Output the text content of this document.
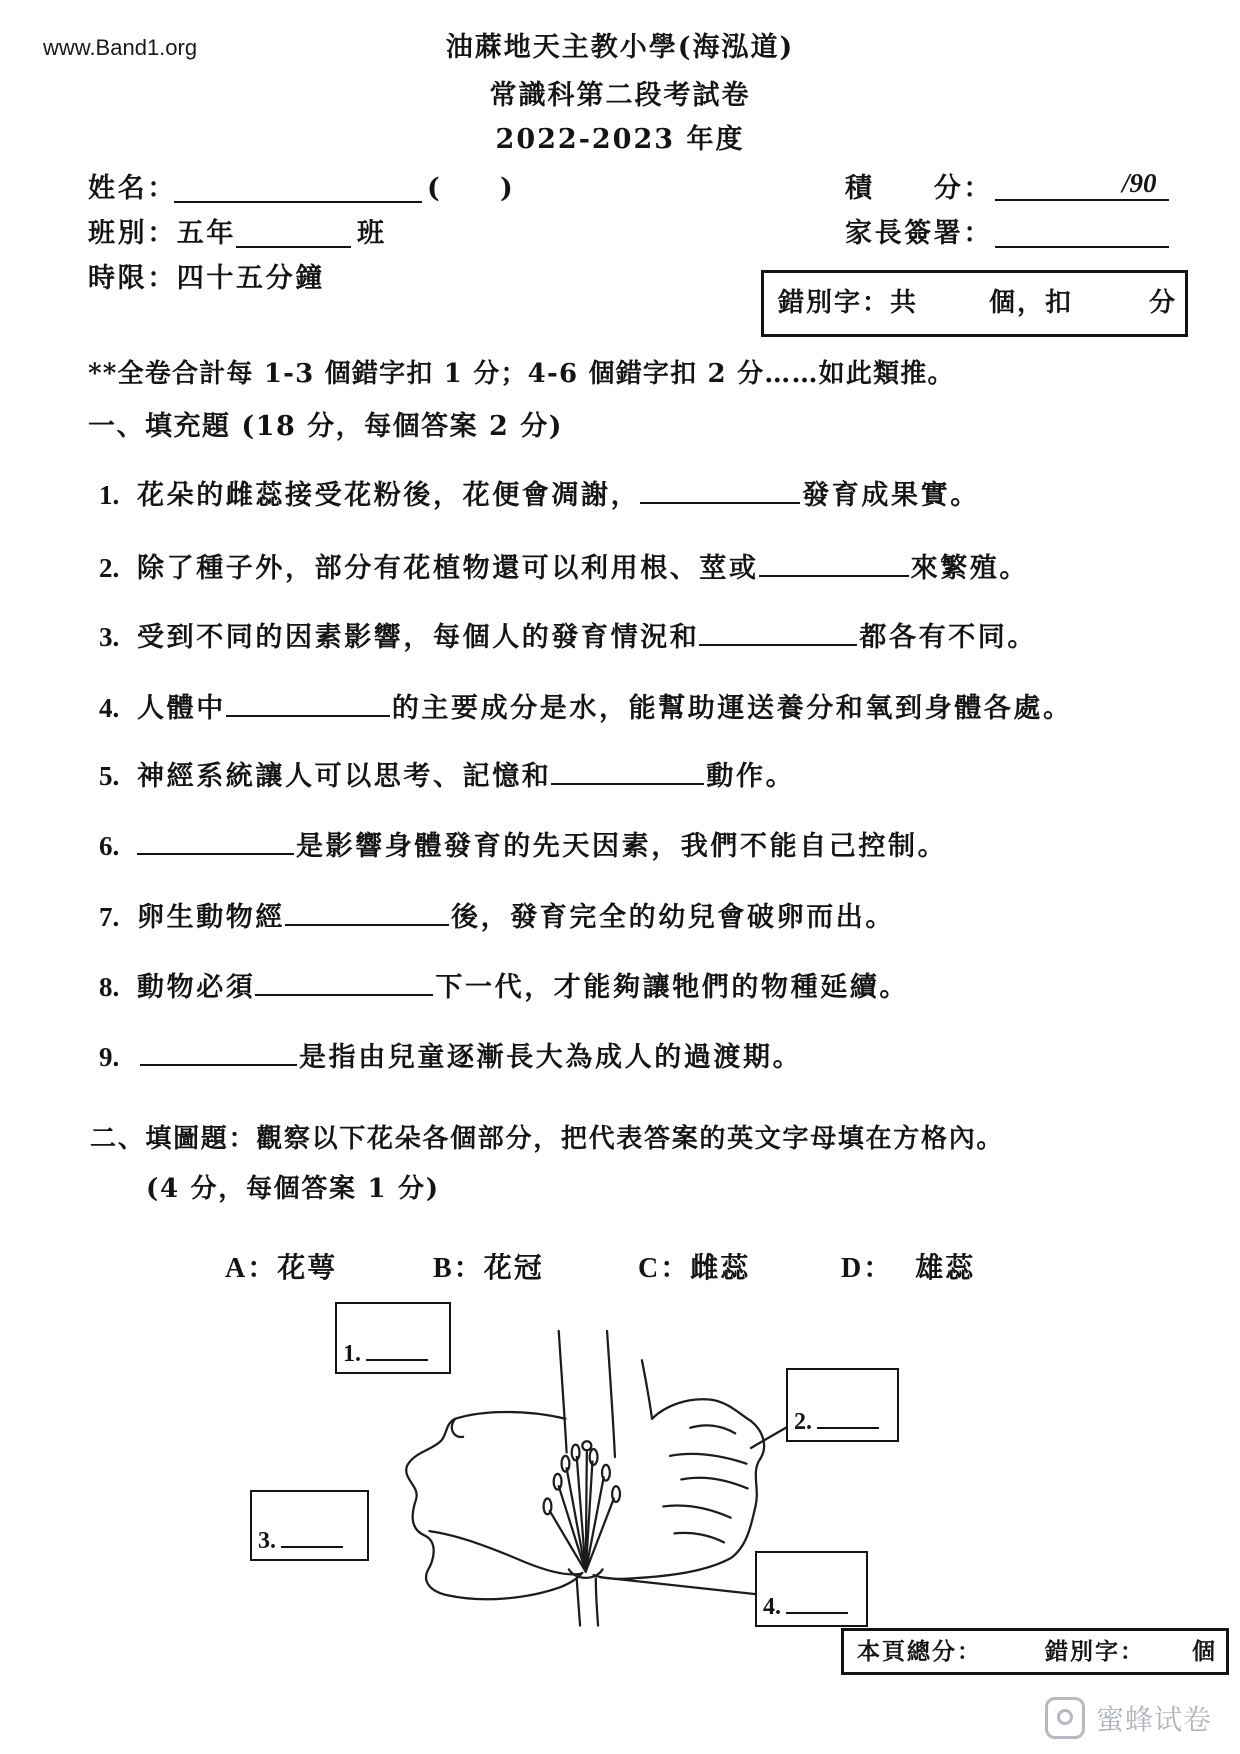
www.Band1.org	油蔴地天主教小學(海泓道)
常識科第二段考試卷
2022-2023 年度
姓名：	( )	積　　分：	/90
班別：五年	班	家長簽署：
時限：四十五分鐘
錯別字：共	個，扣	分
**全卷合計每 1-3 個錯字扣 1 分；4-6 個錯字扣 2 分……如此類推。
一、填充題 (18 分，每個答案 2 分)
1. 花朵的雌蕊接受花粉後，花便會凋謝，	發育成果實。
2. 除了種子外，部分有花植物還可以利用根、莖或	來繁殖。
3. 受到不同的因素影響，每個人的發育情況和	都各有不同。
4. 人體中	的主要成分是水，能幫助運送養分和氧到身體各處。
5. 神經系統讓人可以思考、記憶和	動作。
6.	是影響身體發育的先天因素，我們不能自己控制。
7. 卵生動物經	後，發育完全的幼兒會破卵而出。
8. 動物必須	下一代，才能夠讓牠們的物種延續。
9.	是指由兒童逐漸長大為成人的過渡期。
二、填圖題：觀察以下花朵各個部分，把代表答案的英文字母填在方格內。
(4 分，每個答案 1 分)
A：花萼	B：花冠	C：雌蕊	D： 雄蕊
1.
2.
3.
4.
本頁總分：	錯別字： 個
蜜蜂试卷
